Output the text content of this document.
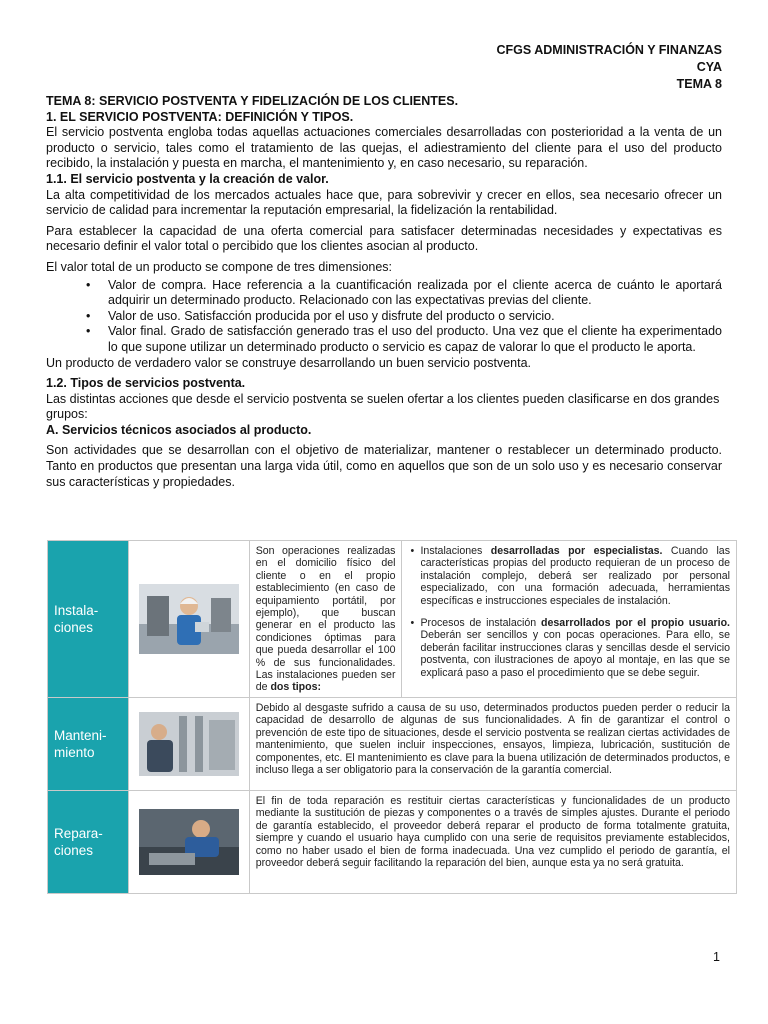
CFGS ADMINISTRACIÓN Y FINANZAS
CYA
TEMA 8

TEMA 8: SERVICIO POSTVENTA Y FIDELIZACIÓN DE LOS CLIENTES.

1. EL SERVICIO POSTVENTA: DEFINICIÓN Y TIPOS.

El servicio postventa engloba todas aquellas actuaciones comerciales desarrolladas con posterioridad a la venta de un producto o servicio, tales como el tratamiento de las quejas, el adiestramiento del cliente para el uso del producto recibido, la instalación y puesta en marcha, el mantenimiento y, en caso necesario, su reparación.

1.1. El servicio postventa y la creación de valor.

La alta competitividad de los mercados actuales hace que, para sobrevivir y crecer en ellos, sea necesario ofrecer un servicio de calidad para incrementar la reputación empresarial, la fidelización la rentabilidad.

Para establecer la capacidad de una oferta comercial para satisfacer determinadas necesidades y expectativas es necesario definir el valor total o percibido que los clientes asocian al producto.

El valor total de un producto se compone de tres dimensiones:

• Valor de compra. Hace referencia a la cuantificación realizada por el cliente acerca de cuánto le aportará adquirir un determinado producto. Relacionado con las expectativas previas del cliente.
• Valor de uso. Satisfacción producida por el uso y disfrute del producto o servicio.
• Valor final. Grado de satisfacción generado tras el uso del producto. Una vez que el cliente ha experimentado lo que supone utilizar un determinado producto o servicio es capaz de valorar lo que el producto le aporta.

Un producto de verdadero valor se construye desarrollando un buen servicio postventa.

1.2. Tipos de servicios postventa.

Las distintas acciones que desde el servicio postventa se suelen ofertar a los clientes pueden clasificarse en dos grandes grupos:

A. Servicios técnicos asociados al producto.

Son actividades que se desarrollan con el objetivo de materializar, mantener o restablecer un determinado producto. Tanto en productos que presentan una larga vida útil, como en aquellos que son de un solo uso y es necesario conservar sus características y propiedades.

Instala-
ciones
Son operaciones realizadas en el domicilio físico del cliente o en el propio establecimiento (en caso de equipamiento portátil, por ejemplo), que buscan generar en el producto las condiciones óptimas para que pueda desarrollar el 100 % de sus funcionalidades. Las instalaciones pueden ser de dos tipos:
• Instalaciones desarrolladas por especialistas. Cuando las características propias del producto requieran de un proceso de instalación complejo, deberá ser realizado por personal especializado, con una formación adecuada, herramientas específicas e instrucciones especiales de instalación.
• Procesos de instalación desarrollados por el propio usuario. Deberán ser sencillos y con pocas operaciones. Para ello, se deberán facilitar instrucciones claras y sencillas desde el servicio postventa, con ilustraciones de apoyo al montaje, en las que se explicará paso a paso el procedimiento que se debe seguir.
Manteni-
miento
Debido al desgaste sufrido a causa de su uso, determinados productos pueden perder o reducir la capacidad de desarrollo de algunas de sus funcionalidades. A fin de garantizar el control o prevención de este tipo de situaciones, desde el servicio postventa se realizan ciertas actividades de mantenimiento, que suelen incluir inspecciones, ensayos, limpieza, lubricación, sustitución de componentes, etc. El mantenimiento es clave para la buena utilización de determinados productos, e incluso llega a ser obligatorio para la conservación de la garantía comercial.
Repara-
ciones
El fin de toda reparación es restituir ciertas características y funcionalidades de un producto mediante la sustitución de piezas y componentes o a través de simples ajustes. Durante el periodo de garantía establecido, el proveedor deberá reparar el producto de forma totalmente gratuita, siempre y cuando el usuario haya cumplido con una serie de requisitos previamente establecidos, como no haber usado el bien de forma inadecuada. Una vez cumplido el periodo de garantía, el proveedor deberá seguir facilitando la reparación del bien, aunque esta ya no será gratuita.
1
